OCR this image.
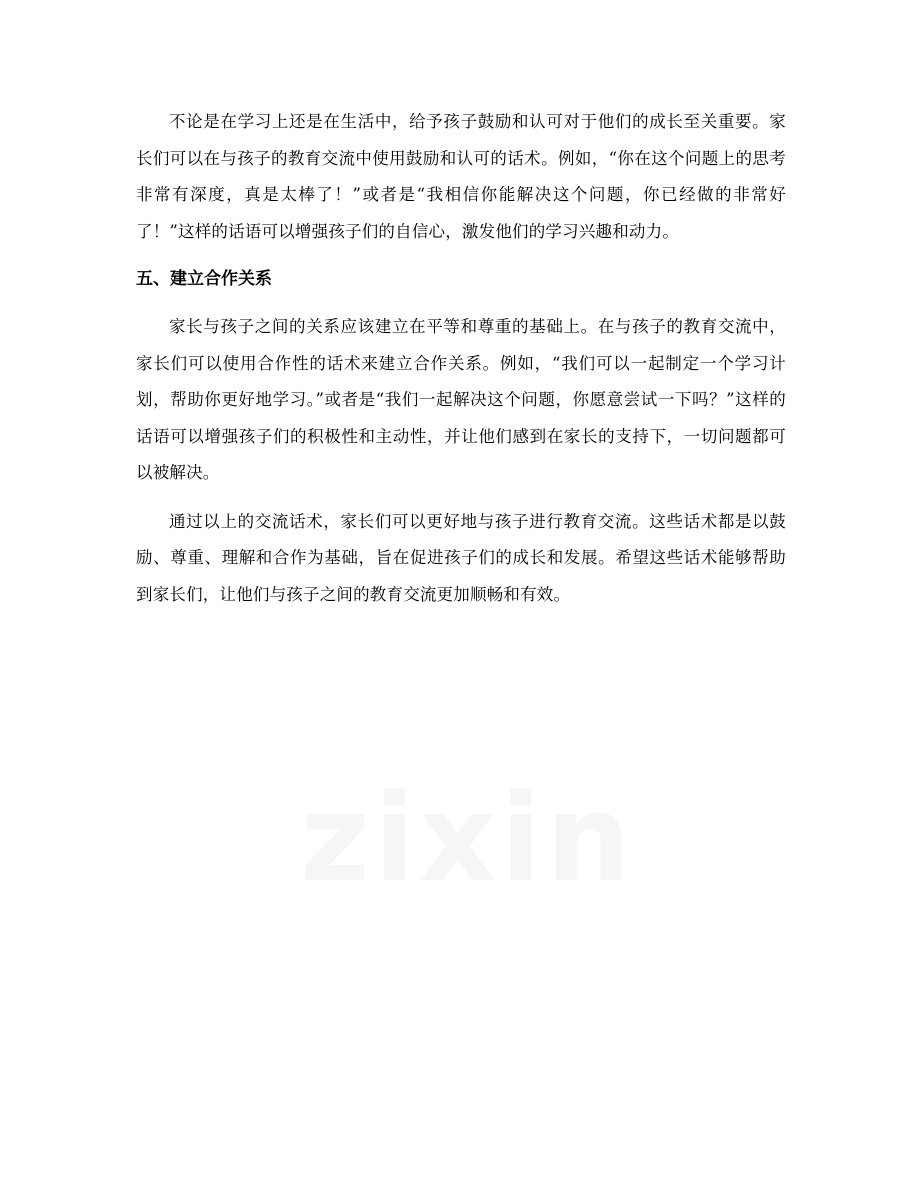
不论是在学习上还是在生活中，给予孩子鼓励和认可对于他们的成长至关重要。家长们可以在与孩子的教育交流中使用鼓励和认可的话术。例如，“你在这个问题上的思考非常有深度，真是太棒了！”或者是“我相信你能解决这个问题，你已经做的非常好了！”这样的话语可以增强孩子们的自信心，激发他们的学习兴趣和动力。

五、建立合作关系

家长与孩子之间的关系应该建立在平等和尊重的基础上。在与孩子的教育交流中，家长们可以使用合作性的话术来建立合作关系。例如，“我们可以一起制定一个学习计划，帮助你更好地学习。”或者是“我们一起解决这个问题，你愿意尝试一下吗？”这样的话语可以增强孩子们的积极性和主动性，并让他们感到在家长的支持下，一切问题都可以被解决。

通过以上的交流话术，家长们可以更好地与孩子进行教育交流。这些话术都是以鼓励、尊重、理解和合作为基础，旨在促进孩子们的成长和发展。希望这些话术能够帮助到家长们，让他们与孩子之间的教育交流更加顺畅和有效。
